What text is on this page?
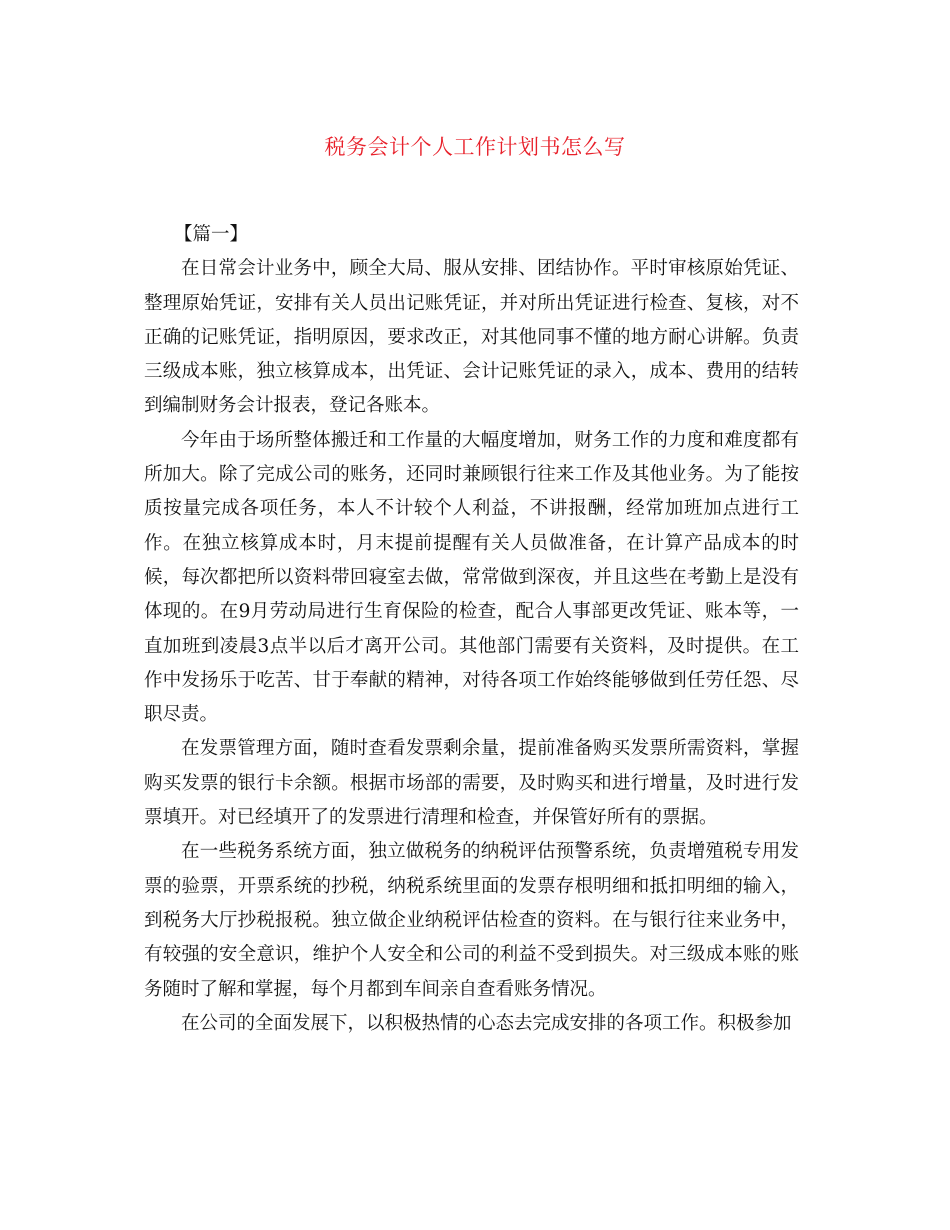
税务会计个人工作计划书怎么写

【篇一】

在日常会计业务中，顾全大局、服从安排、团结协作。平时审核原始凭证、整理原始凭证，安排有关人员出记账凭证，并对所出凭证进行检查、复核，对不正确的记账凭证，指明原因，要求改正，对其他同事不懂的地方耐心讲解。负责三级成本账，独立核算成本，出凭证、会计记账凭证的录入，成本、费用的结转到编制财务会计报表，登记各账本。

今年由于场所整体搬迁和工作量的大幅度增加，财务工作的力度和难度都有所加大。除了完成公司的账务，还同时兼顾银行往来工作及其他业务。为了能按质按量完成各项任务，本人不计较个人利益，不讲报酬，经常加班加点进行工作。在独立核算成本时，月末提前提醒有关人员做准备，在计算产品成本的时候，每次都把所以资料带回寝室去做，常常做到深夜，并且这些在考勤上是没有体现的。在9月劳动局进行生育保险的检查，配合人事部更改凭证、账本等，一直加班到凌晨3点半以后才离开公司。其他部门需要有关资料，及时提供。在工作中发扬乐于吃苦、甘于奉献的精神，对待各项工作始终能够做到任劳任怨、尽职尽责。

在发票管理方面，随时查看发票剩余量，提前准备购买发票所需资料，掌握购买发票的银行卡余额。根据市场部的需要，及时购买和进行增量，及时进行发票填开。对已经填开了的发票进行清理和检查，并保管好所有的票据。

在一些税务系统方面，独立做税务的纳税评估预警系统，负责增殖税专用发票的验票，开票系统的抄税，纳税系统里面的发票存根明细和抵扣明细的输入，到税务大厅抄税报税。独立做企业纳税评估检查的资料。在与银行往来业务中，有较强的安全意识，维护个人安全和公司的利益不受到损失。对三级成本账的账务随时了解和掌握，每个月都到车间亲自查看账务情况。

在公司的全面发展下，以积极热情的心态去完成安排的各项工作。积极参加
